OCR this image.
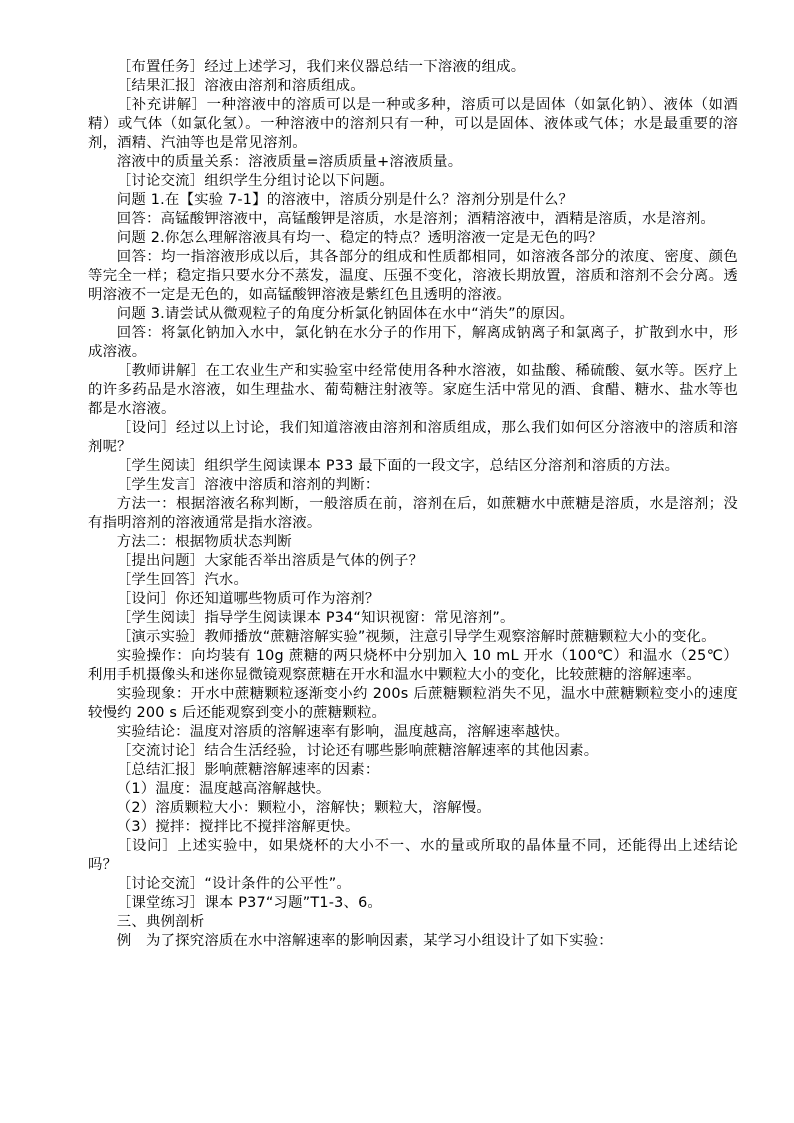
［布置任务］经过上述学习，我们来仪器总结一下溶液的组成。

［结果汇报］溶液由溶剂和溶质组成。

［补充讲解］一种溶液中的溶质可以是一种或多种，溶质可以是固体（如氯化钠）、液体（如酒精）或气体（如氯化氢）。一种溶液中的溶剂只有一种，可以是固体、液体或气体；水是最重要的溶剂，酒精、汽油等也是常见溶剂。

溶液中的质量关系：溶液质量=溶质质量+溶液质量。

［讨论交流］组织学生分组讨论以下问题。

问题 1.在【实验 7-1】的溶液中，溶质分别是什么？溶剂分别是什么？

回答：高锰酸钾溶液中，高锰酸钾是溶质，水是溶剂；酒精溶液中，酒精是溶质，水是溶剂。

问题 2.你怎么理解溶液具有均一、稳定的特点？透明溶液一定是无色的吗？

回答：均一指溶液形成以后，其各部分的组成和性质都相同，如溶液各部分的浓度、密度、颜色等完全一样；稳定指只要水分不蒸发，温度、压强不变化，溶液长期放置，溶质和溶剂不会分离。透明溶液不一定是无色的，如高锰酸钾溶液是紫红色且透明的溶液。

问题 3.请尝试从微观粒子的角度分析氯化钠固体在水中“消失”的原因。

回答：将氯化钠加入水中，氯化钠在水分子的作用下，解离成钠离子和氯离子，扩散到水中，形成溶液。

［教师讲解］在工农业生产和实验室中经常使用各种水溶液，如盐酸、稀硫酸、氨水等。医疗上的许多药品是水溶液，如生理盐水、葡萄糖注射液等。家庭生活中常见的酒、食醋、糖水、盐水等也都是水溶液。

［设问］经过以上讨论，我们知道溶液由溶剂和溶质组成，那么我们如何区分溶液中的溶质和溶剂呢？

［学生阅读］组织学生阅读课本 P33 最下面的一段文字，总结区分溶剂和溶质的方法。

［学生发言］溶液中溶质和溶剂的判断：

方法一：根据溶液名称判断，一般溶质在前，溶剂在后，如蔗糖水中蔗糖是溶质，水是溶剂；没有指明溶剂的溶液通常是指水溶液。

方法二：根据物质状态判断

［提出问题］大家能否举出溶质是气体的例子？

［学生回答］汽水。

［设问］你还知道哪些物质可作为溶剂？

［学生阅读］指导学生阅读课本 P34“知识视窗：常见溶剂”。

［演示实验］教师播放“蔗糖溶解实验”视频，注意引导学生观察溶解时蔗糖颗粒大小的变化。

实验操作：向均装有 10g 蔗糖的两只烧杯中分别加入 10 mL 开水（100℃）和温水（25℃）利用手机摄像头和迷你显微镜观察蔗糖在开水和温水中颗粒大小的变化，比较蔗糖的溶解速率。

实验现象：开水中蔗糖颗粒逐渐变小约 200s 后蔗糖颗粒消失不见，温水中蔗糖颗粒变小的速度较慢约 200 s 后还能观察到变小的蔗糖颗粒。

实验结论：温度对溶质的溶解速率有影响，温度越高，溶解速率越快。

［交流讨论］结合生活经验，讨论还有哪些影响蔗糖溶解速率的其他因素。

［总结汇报］影响蔗糖溶解速率的因素：

（1）温度：温度越高溶解越快。

（2）溶质颗粒大小：颗粒小，溶解快；颗粒大，溶解慢。

（3）搅拌：搅拌比不搅拌溶解更快。

［设问］上述实验中，如果烧杯的大小不一、水的量或所取的晶体量不同，还能得出上述结论吗？

［讨论交流］“设计条件的公平性”。

［课堂练习］课本 P37“习题”T1-3、6。

三、典例剖析

例　为了探究溶质在水中溶解速率的影响因素，某学习小组设计了如下实验：
